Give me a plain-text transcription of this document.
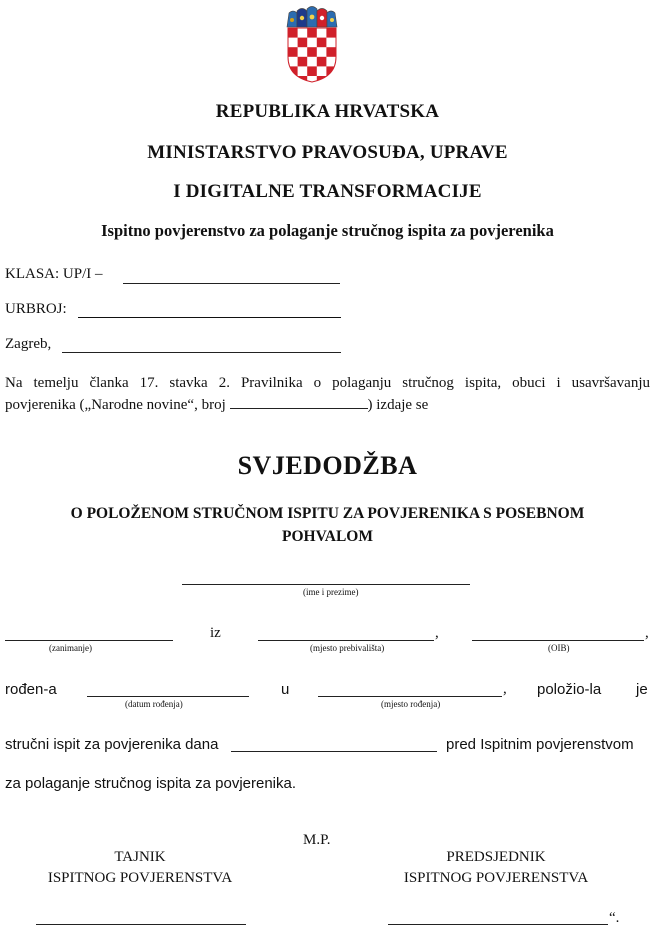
REPUBLIKA HRVATSKA
MINISTARSTVO PRAVOSUĐA, UPRAVE
I DIGITALNE TRANSFORMACIJE
Ispitno povjerenstvo za polaganje stručnog ispita za povjerenika
KLASA: UP/I –
URBROJ:
Zagreb,
Na temelju članka 17. stavka 2. Pravilnika o polaganju stručnog ispita, obuci i usavršavanju
povjerenika („Narodne novine“, broj	) izdaje se
SVJEDODŽBA
O POLOŽENOM STRUČNOM ISPITU ZA POVJERENIKA S POSEBNOM
POHVALOM
(ime i prezime)
(zanimanje)
iz	,
(mjesto prebivališta)
,
(OIB)
rođen-a
(datum rođenja)
u	,
(mjesto rođenja)
položio-la je
stručni ispit za povjerenika dana	pred Ispitnim povjerenstvom
za polaganje stručnog ispita za povjerenika.
M.P.
TAJNIK
ISPITNOG POVJERENSTVA
PREDSJEDNIK
ISPITNOG POVJERENSTVA
“.
